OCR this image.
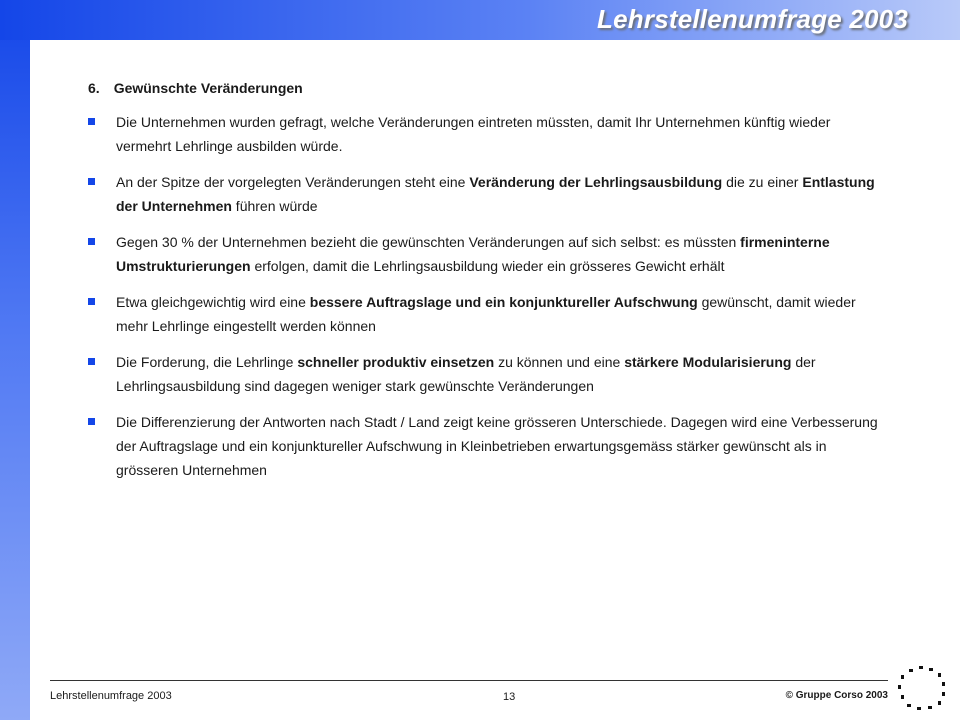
Lehrstellenumfrage 2003
6. Gewünschte Veränderungen
Die Unternehmen wurden gefragt, welche Veränderungen eintreten müssten, damit Ihr Unternehmen künftig wieder vermehrt Lehrlinge ausbilden würde.
An der Spitze der vorgelegten Veränderungen steht eine Veränderung der Lehrlingsausbildung die zu einer Entlastung der Unternehmen führen würde
Gegen 30 % der Unternehmen bezieht die gewünschten Veränderungen auf sich selbst: es müssten firmeninterne Umstrukturierungen erfolgen, damit die Lehrlingsausbildung wieder ein grösseres Gewicht erhält
Etwa gleichgewichtig wird eine bessere Auftragslage und ein konjunktureller Aufschwung gewünscht, damit wieder mehr Lehrlinge eingestellt werden können
Die Forderung, die Lehrlinge schneller produktiv einsetzen zu können und eine stärkere Modularisierung der Lehrlingsausbildung sind dagegen weniger stark gewünschte Veränderungen
Die Differenzierung der Antworten nach Stadt / Land zeigt keine grösseren Unterschiede. Dagegen wird eine Verbesserung der Auftragslage und ein konjunktureller Aufschwung in Kleinbetrieben erwartungsgemäss stärker gewünscht als in grösseren Unternehmen
Lehrstellenumfrage 2003	13	© Gruppe Corso 2003
